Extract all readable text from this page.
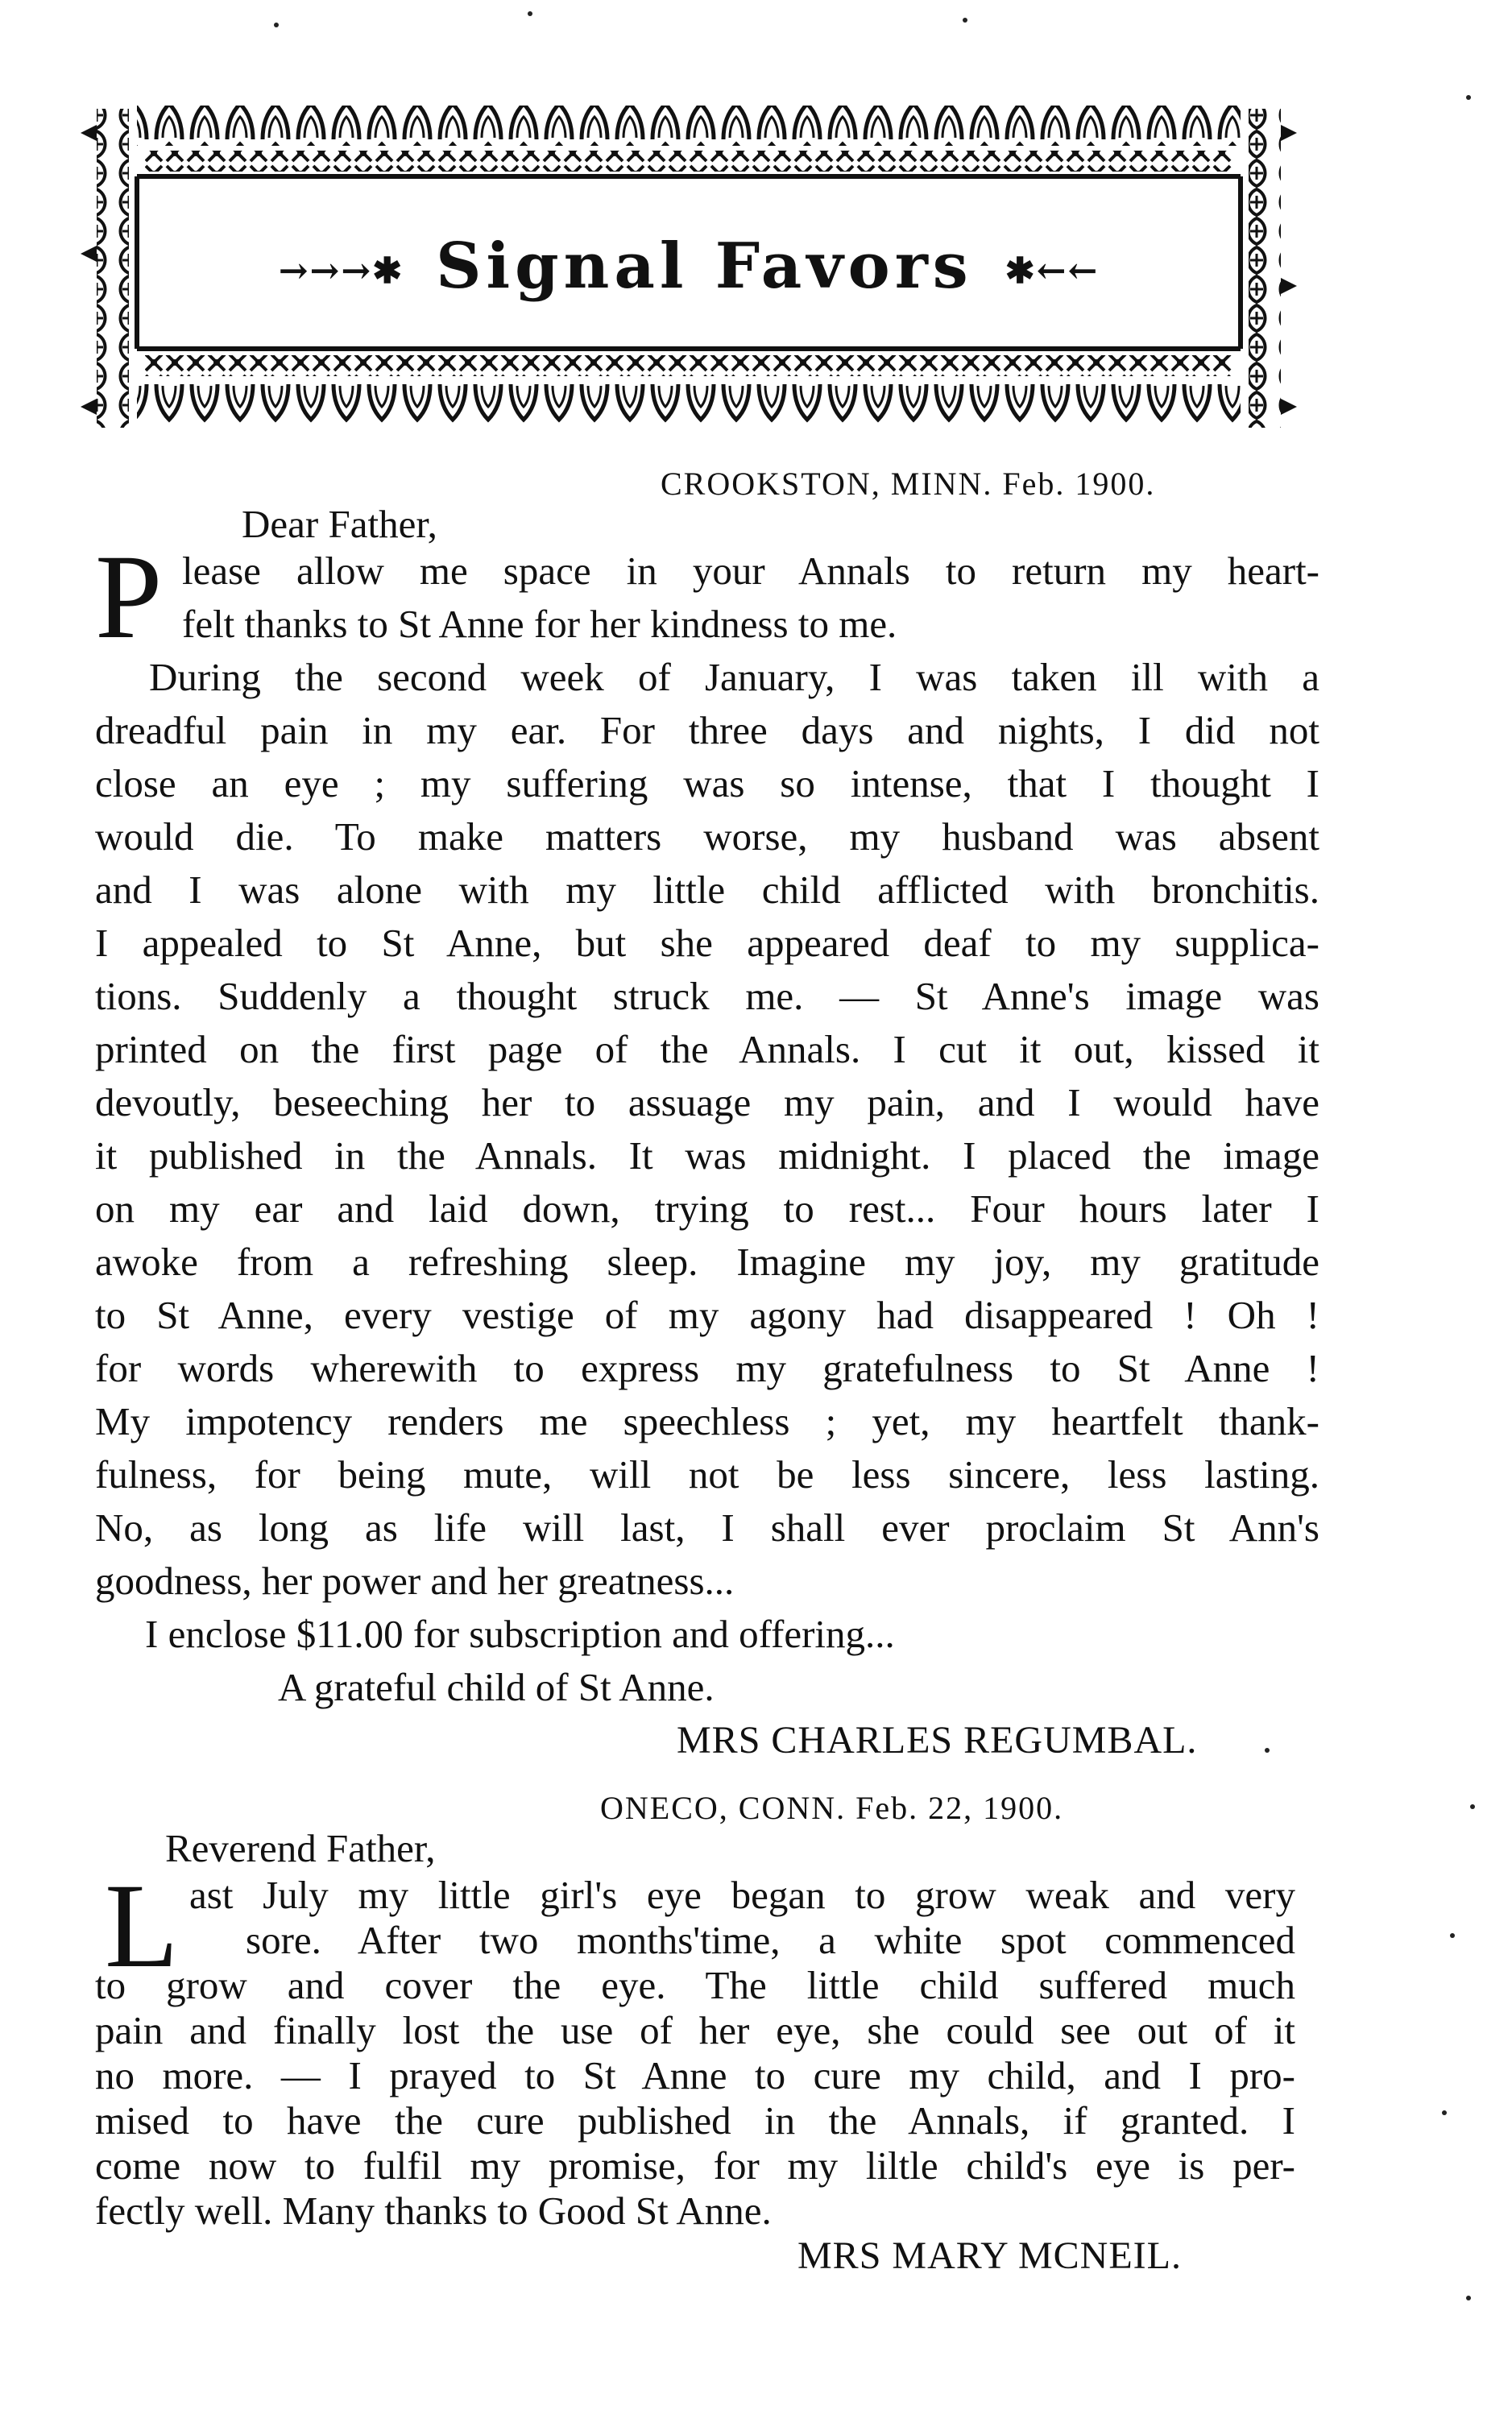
→→→✱ Signal Favors ✱←←
CROOKSTON, MINN. Feb. 1900.
Dear Father,
P lease allow me space in your Annals to return my heart-
felt thanks to St Anne for her kindness to me.
During the second week of January, I was taken ill with a
dreadful pain in my ear. For three days and nights, I did not
close an eye ; my suffering was so intense, that I thought I
would die. To make matters worse, my husband was absent
and I was alone with my little child afflicted with bronchitis.
I appealed to St Anne, but she appeared deaf to my supplica-
tions. Suddenly a thought struck me. — St Anne's image was
printed on the first page of the Annals. I cut it out, kissed it
devoutly, beseeching her to assuage my pain, and I would have
it published in the Annals. It was midnight. I placed the image
on my ear and laid down, trying to rest... Four hours later I
awoke from a refreshing sleep. Imagine my joy, my gratitude
to St Anne, every vestige of my agony had disappeared ! Oh !
for words wherewith to express my gratefulness to St Anne !
My impotency renders me speechless ; yet, my heartfelt thank-
fulness, for being mute, will not be less sincere, less lasting.
No, as long as life will last, I shall ever proclaim St Ann's
goodness, her power and her greatness...
I enclose $11.00 for subscription and offering...
A grateful child of St Anne.
MRS CHARLES REGUMBAL.
ONECO, CONN. Feb. 22, 1900.
Reverend Father,
L ast July my little girl's eye began to grow weak and very
sore. After two months'time, a white spot commenced
to grow and cover the eye. The little child suffered much
pain and finally lost the use of her eye, she could see out of it
no more. — I prayed to St Anne to cure my child, and I pro-
mised to have the cure published in the Annals, if granted. I
come now to fulfil my promise, for my liltle child's eye is per-
fectly well. Many thanks to Good St Anne.
MRS MARY MCNEIL.
